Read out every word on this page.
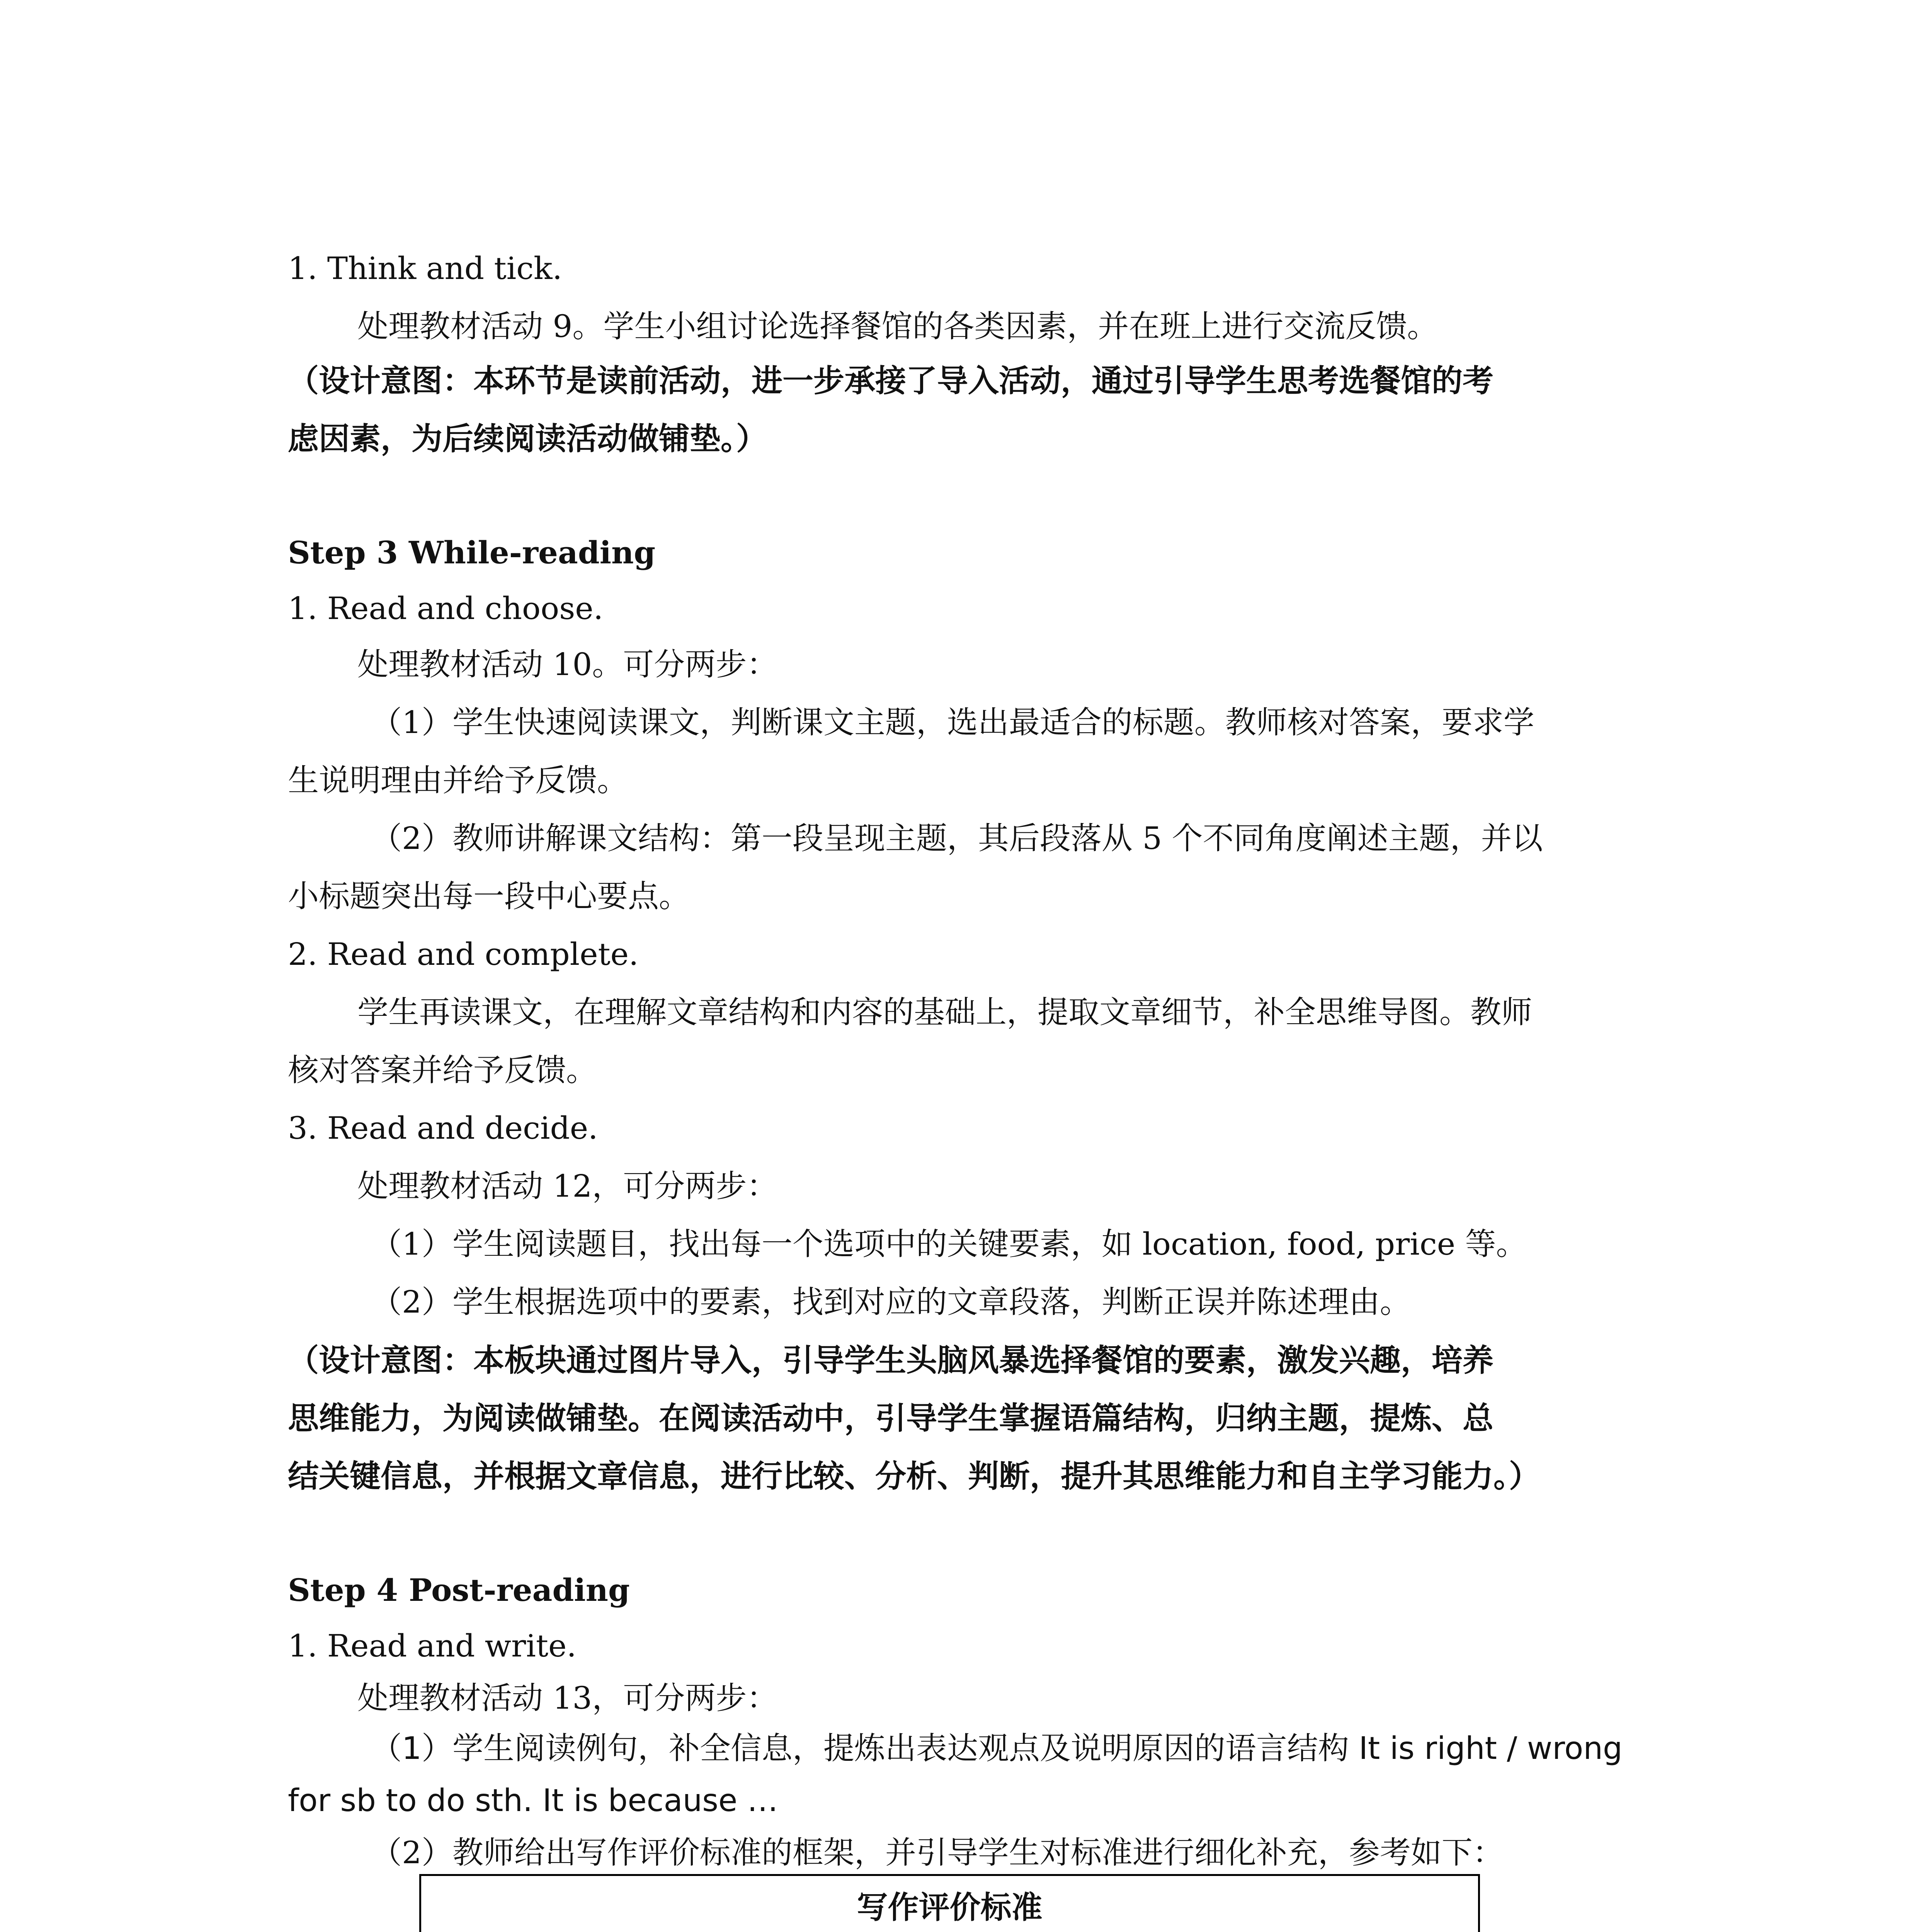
1. Think and tick.
处理教材活动 9。学生小组讨论选择餐馆的各类因素，并在班上进行交流反馈。
（设计意图：本环节是读前活动，进一步承接了导入活动，通过引导学生思考选餐馆的考
虑因素，为后续阅读活动做铺垫。）
Step 3 While-reading
1. Read and choose.
处理教材活动 10。可分两步：
（1）学生快速阅读课文，判断课文主题，选出最适合的标题。教师核对答案，要求学
生说明理由并给予反馈。
（2）教师讲解课文结构：第一段呈现主题，其后段落从 5 个不同角度阐述主题，并以
小标题突出每一段中心要点。
2. Read and complete.
学生再读课文，在理解文章结构和内容的基础上，提取文章细节，补全思维导图。教师
核对答案并给予反馈。
3. Read and decide.
处理教材活动 12，可分两步：
（1）学生阅读题目，找出每一个选项中的关键要素，如 location, food, price 等。
（2）学生根据选项中的要素，找到对应的文章段落，判断正误并陈述理由。
（设计意图：本板块通过图片导入，引导学生头脑风暴选择餐馆的要素，激发兴趣，培养
思维能力，为阅读做铺垫。在阅读活动中，引导学生掌握语篇结构，归纳主题，提炼、总
结关键信息，并根据文章信息，进行比较、分析、判断，提升其思维能力和自主学习能力。）
Step 4 Post-reading
1. Read and write.
处理教材活动 13，可分两步：
（1）学生阅读例句，补全信息，提炼出表达观点及说明原因的语言结构 It is right / wrong
for sb to do sth. It is because …
（2）教师给出写作评价标准的框架，并引导学生对标准进行细化补充，参考如下：
写作评价标准	
